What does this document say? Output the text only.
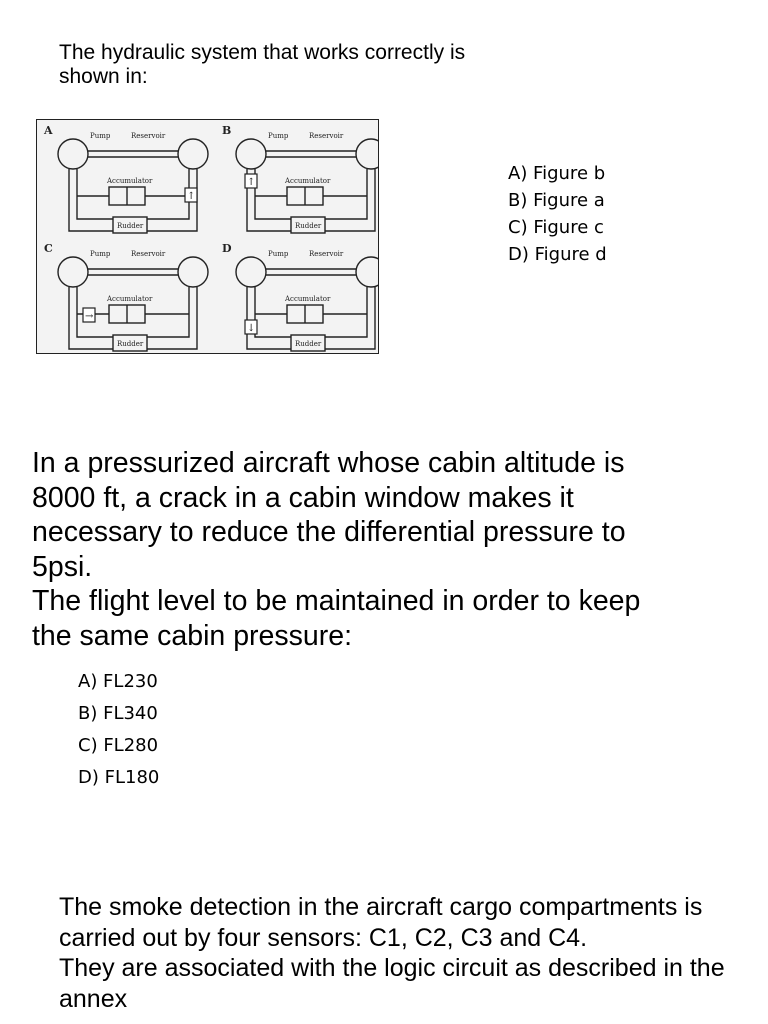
The hydraulic system that works correctly is shown in:
A	Pump	Reservoir
Accumulator
Rudder
↑
B	Pump	Reservoir
Accumulator
Rudder
↑
C	Pump	Reservoir
Accumulator
Rudder
→
D	Pump	Reservoir
Accumulator
Rudder
↓
A) Figure b
B) Figure a
C) Figure c
D) Figure d
In a pressurized aircraft whose cabin altitude is 8000 ft, a crack in a cabin window makes it necessary to reduce the differential pressure to 5psi.
The flight level to be maintained in order to keep the same cabin pressure:
A) FL230
B) FL340
C) FL280
D) FL180
The smoke detection in the aircraft cargo compartments is carried out by four sensors: C1, C2, C3 and C4.
They are associated with the logic circuit as described in the annex
